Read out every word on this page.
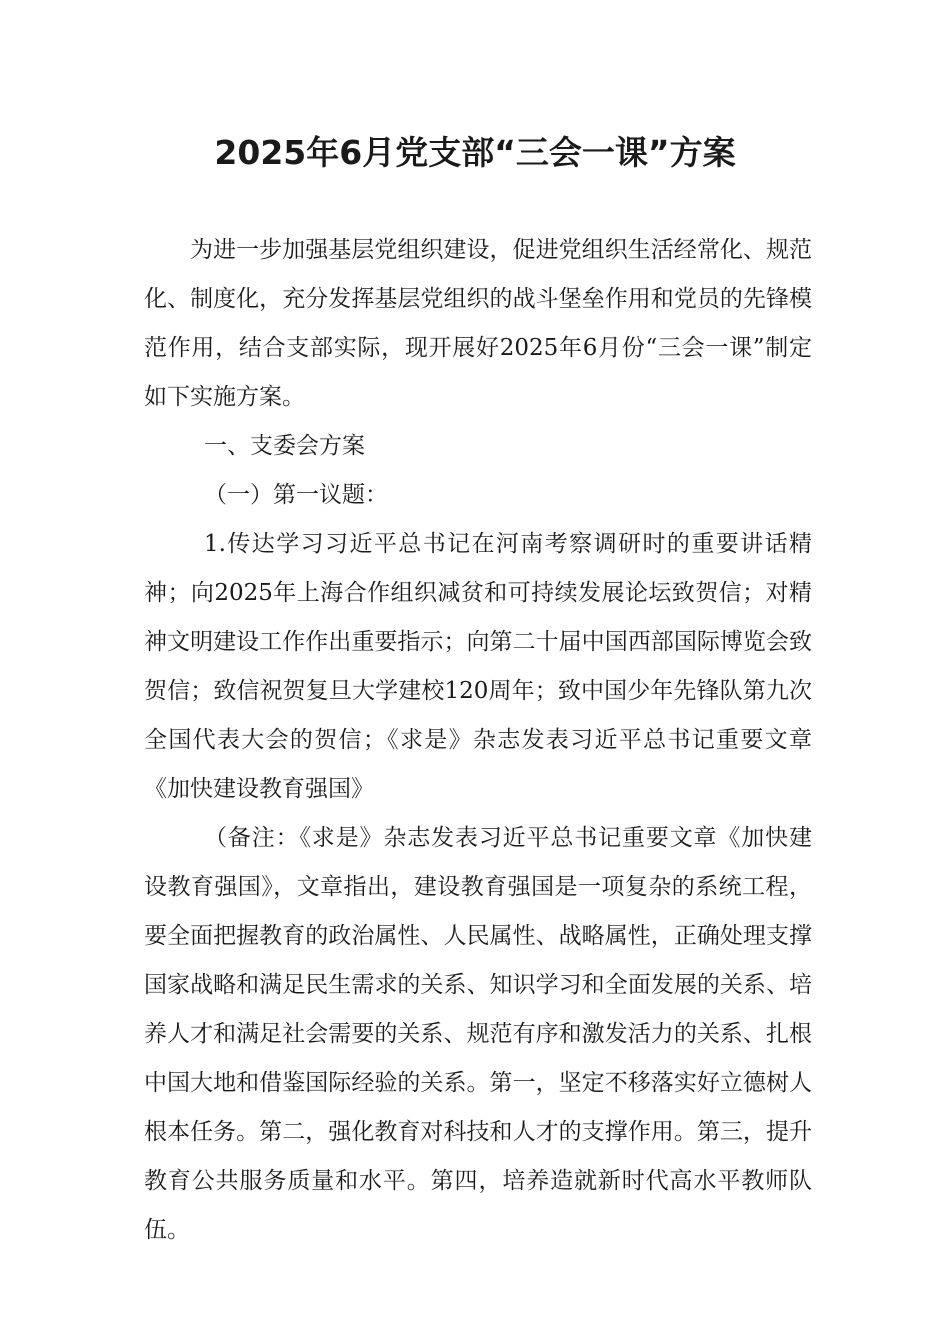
2025年6月党支部“三会一课”方案

为进一步加强基层党组织建设，促进党组织生活经常化、规范化、制度化，充分发挥基层党组织的战斗堡垒作用和党员的先锋模范作用，结合支部实际，现开展好2025年6月份“三会一课”制定如下实施方案。

一、支委会方案

（一）第一议题：

1.传达学习习近平总书记在河南考察调研时的重要讲话精神；向2025年上海合作组织减贫和可持续发展论坛致贺信；对精神文明建设工作作出重要指示；向第二十届中国西部国际博览会致贺信；致信祝贺复旦大学建校120周年；致中国少年先锋队第九次全国代表大会的贺信；《求是》杂志发表习近平总书记重要文章《加快建设教育强国》

（备注：《求是》杂志发表习近平总书记重要文章《加快建设教育强国》，文章指出，建设教育强国是一项复杂的系统工程，要全面把握教育的政治属性、人民属性、战略属性，正确处理支撑国家战略和满足民生需求的关系、知识学习和全面发展的关系、培养人才和满足社会需要的关系、规范有序和激发活力的关系、扎根中国大地和借鉴国际经验的关系。第一，坚定不移落实好立德树人根本任务。第二，强化教育对科技和人才的支撑作用。第三，提升教育公共服务质量和水平。第四，培养造就新时代高水平教师队伍。
